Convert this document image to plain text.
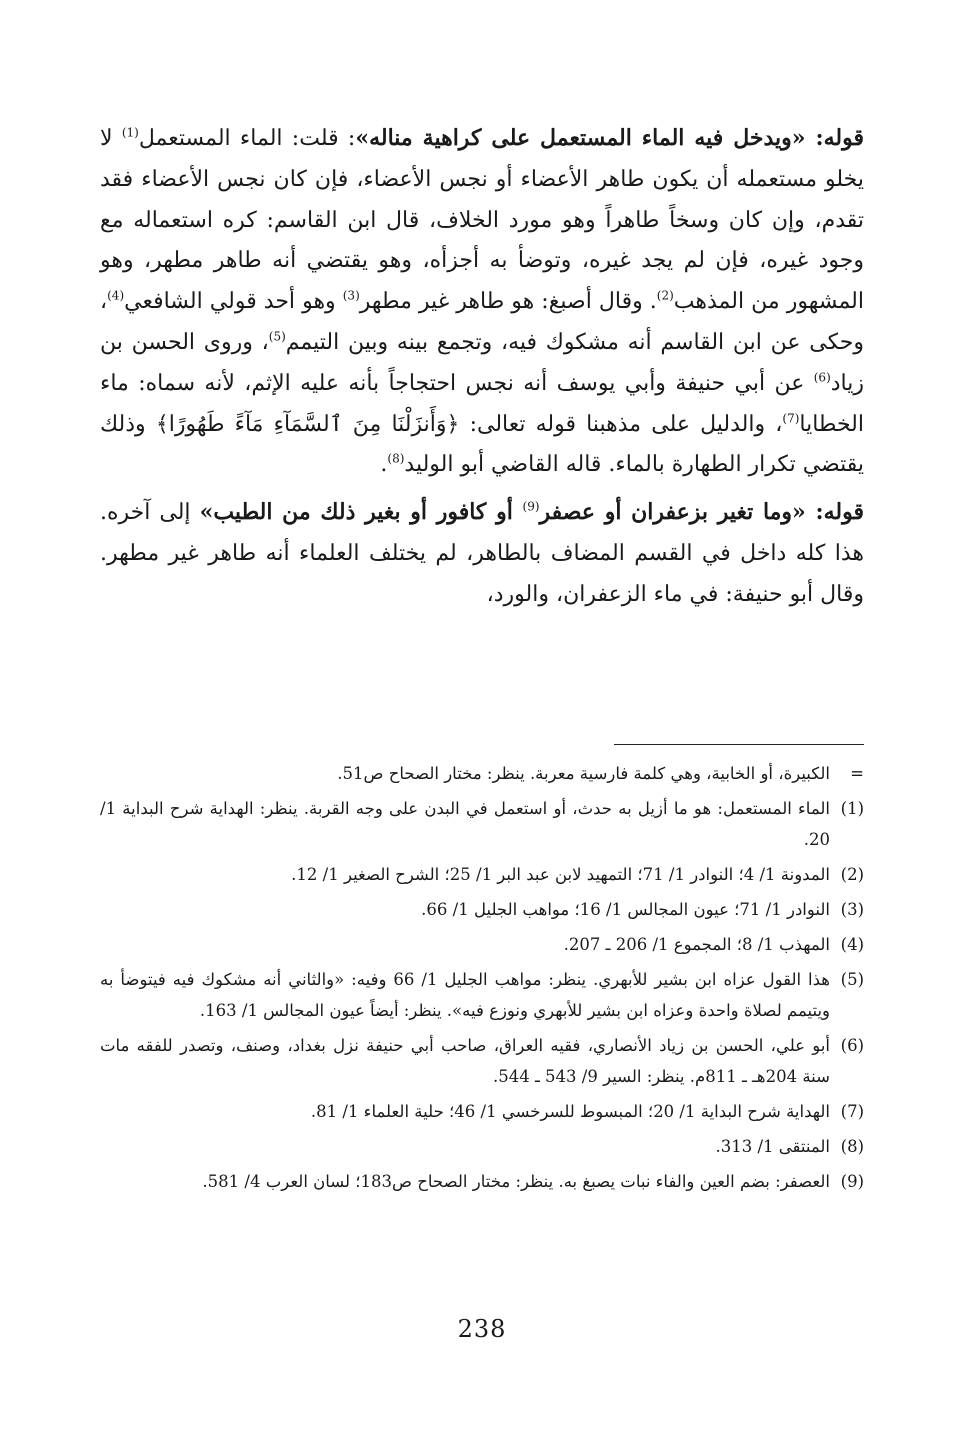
قوله: «ويدخل فيه الماء المستعمل على كراهية مناله»: قلت: الماء المستعمل$^{(1)}$ لا يخلو مستعمله أن يكون طاهر الأعضاء أو نجس الأعضاء، فإن كان نجس الأعضاء فقد تقدم، وإن كان وسخاً طاهراً وهو مورد الخلاف، قال ابن القاسم: كره استعماله مع وجود غيره، فإن لم يجد غيره، وتوضأ به أجزأه، وهو يقتضي أنه طاهر مطهر، وهو المشهور من المذهب$^{(2)}$. وقال أصبغ: هو طاهر غير مطهر$^{(3)}$ وهو أحد قولي الشافعي$^{(4)}$، وحكى عن ابن القاسم أنه مشكوك فيه، وتجمع بينه وبين التيمم$^{(5)}$، وروى الحسن بن زياد$^{(6)}$ عن أبي حنيفة وأبي يوسف أنه نجس احتجاجاً بأنه عليه الإثم، لأنه سماه: ماء الخطايا$^{(7)}$، والدليل على مذهبنا قوله تعالى: ﴿وَأَنزَلْنَا مِنَ ٱلسَّمَآءِ مَآءً طَهُورًا﴾ وذلك يقتضي تكرار الطهارة بالماء. قاله القاضي أبو الوليد$^{(8)}$.

قوله: «وما تغير بزعفران أو عصفر$^{(9)}$ أو كافور أو بغير ذلك من الطيب» إلى آخره. هذا كله داخل في القسم المضاف بالطاهر، لم يختلف العلماء أنه طاهر غير مطهر. وقال أبو حنيفة: في ماء الزعفران، والورد،

=
الكبيرة، أو الخابية، وهي كلمة فارسية معربة. ينظر: مختار الصحاح ص51.
(1)
الماء المستعمل: هو ما أزيل به حدث، أو استعمل في البدن على وجه القربة. ينظر: الهداية شرح البداية 1/ 20.
(2)
المدونة 1/ 4؛ النوادر 1/ 71؛ التمهيد لابن عبد البر 1/ 25؛ الشرح الصغير 1/ 12.
(3)
النوادر 1/ 71؛ عيون المجالس 1/ 16؛ مواهب الجليل 1/ 66.
(4)
المهذب 1/ 8؛ المجموع 1/ 206 ـ 207.
(5)
هذا القول عزاه ابن بشير للأبهري. ينظر: مواهب الجليل 1/ 66 وفيه: «والثاني أنه مشكوك فيه فيتوضأ به ويتيمم لصلاة واحدة وعزاه ابن بشير للأبهري ونوزع فيه». ينظر: أيضاً عيون المجالس 1/ 163.
(6)
أبو علي، الحسن بن زياد الأنصاري، فقيه العراق، صاحب أبي حنيفة نزل بغداد، وصنف، وتصدر للفقه مات سنة 204هـ ـ 811م. ينظر: السير 9/ 543 ـ 544.
(7)
الهداية شرح البداية 1/ 20؛ المبسوط للسرخسي 1/ 46؛ حلية العلماء 1/ 81.
(8)
المنتقى 1/ 313.
(9)
العصفر: بضم العين والفاء نبات يصبغ به. ينظر: مختار الصحاح ص183؛ لسان العرب 4/ 581.
238
